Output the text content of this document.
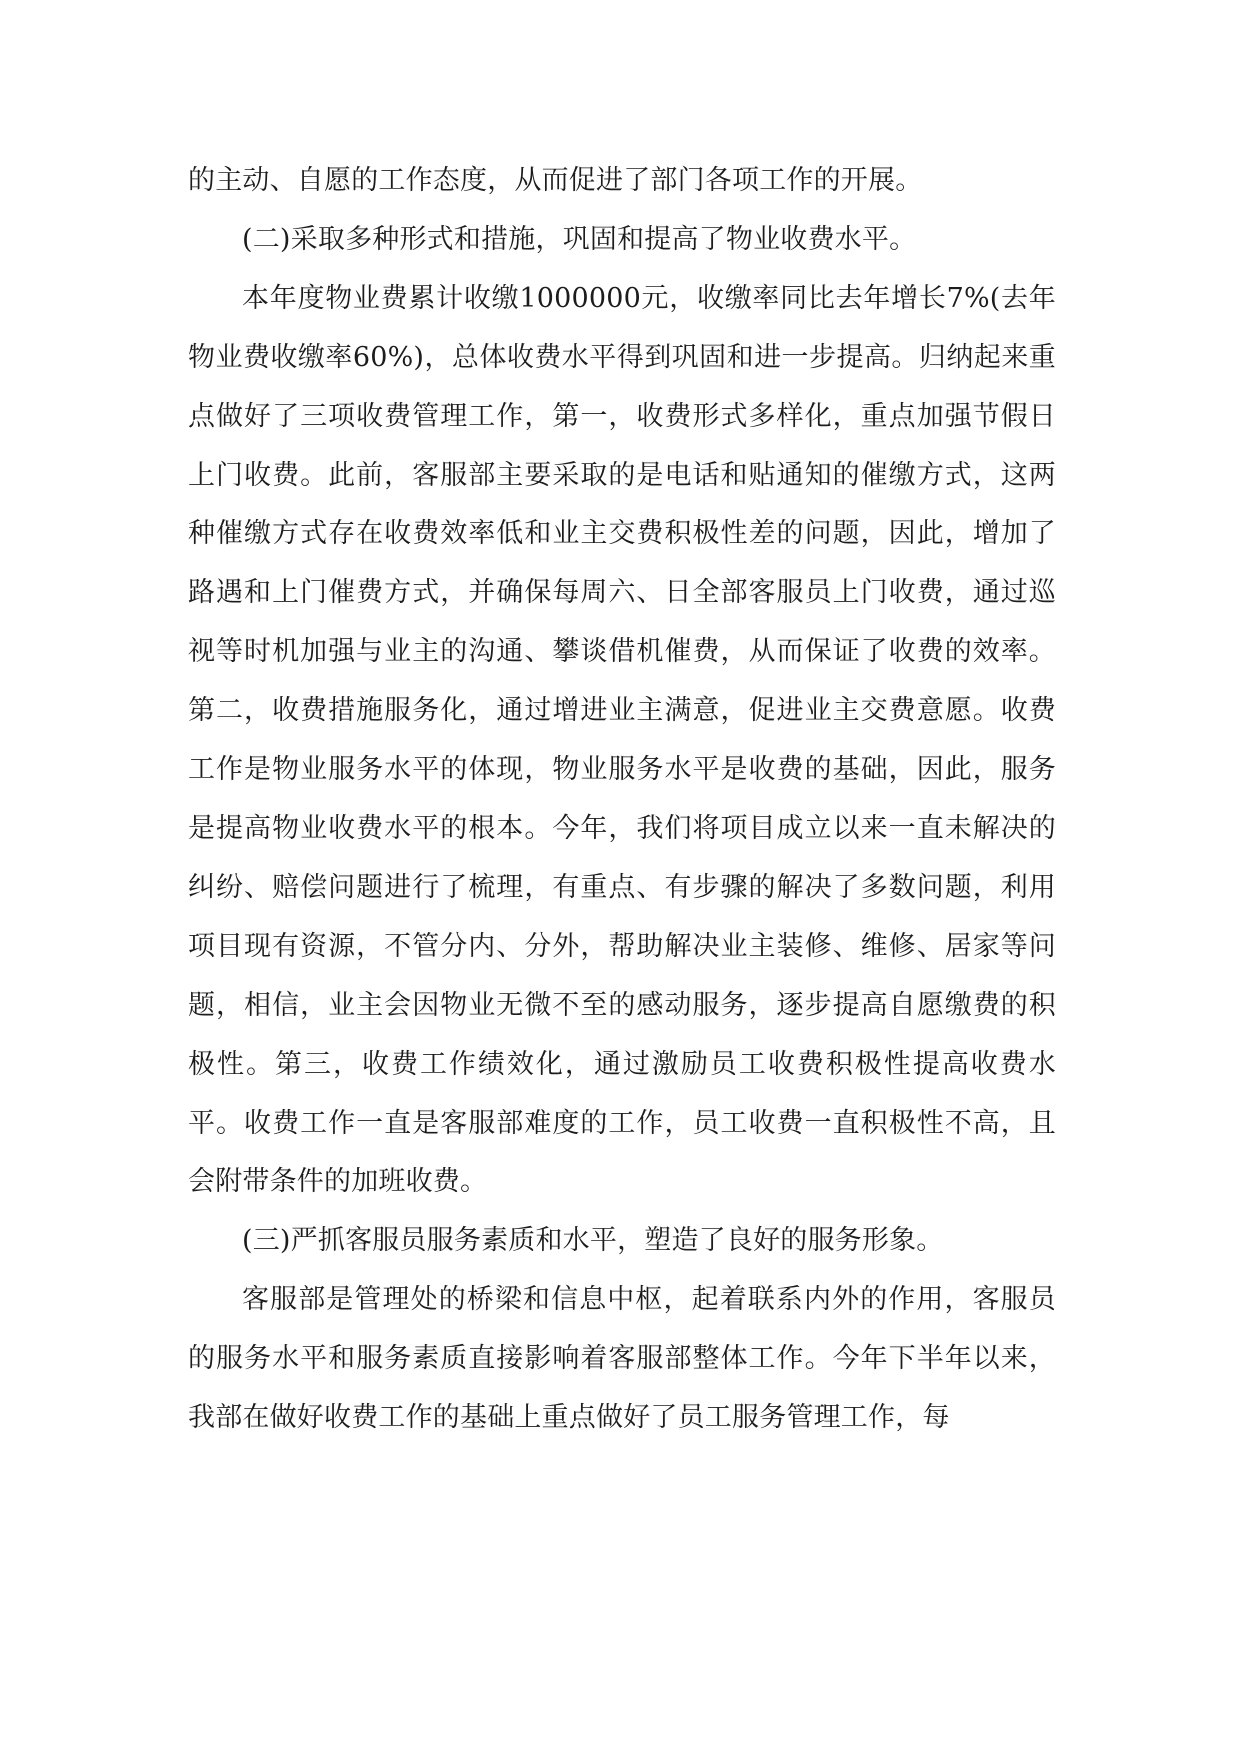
的主动、自愿的工作态度，从而促进了部门各项工作的开展。

(二)采取多种形式和措施，巩固和提高了物业收费水平。

本年度物业费累计收缴1000000元，收缴率同比去年增长7%(去年物业费收缴率60%)，总体收费水平得到巩固和进一步提高。归纳起来重点做好了三项收费管理工作，第一，收费形式多样化，重点加强节假日上门收费。此前，客服部主要采取的是电话和贴通知的催缴方式，这两种催缴方式存在收费效率低和业主交费积极性差的问题，因此，增加了路遇和上门催费方式，并确保每周六、日全部客服员上门收费，通过巡视等时机加强与业主的沟通、攀谈借机催费，从而保证了收费的效率。第二，收费措施服务化，通过增进业主满意，促进业主交费意愿。收费工作是物业服务水平的体现，物业服务水平是收费的基础，因此，服务是提高物业收费水平的根本。今年，我们将项目成立以来一直未解决的纠纷、赔偿问题进行了梳理，有重点、有步骤的解决了多数问题，利用项目现有资源，不管分内、分外，帮助解决业主装修、维修、居家等问题，相信，业主会因物业无微不至的感动服务，逐步提高自愿缴费的积极性。第三，收费工作绩效化，通过激励员工收费积极性提高收费水平。收费工作一直是客服部难度的工作，员工收费一直积极性不高，且会附带条件的加班收费。

(三)严抓客服员服务素质和水平，塑造了良好的服务形象。

客服部是管理处的桥梁和信息中枢，起着联系内外的作用，客服员的服务水平和服务素质直接影响着客服部整体工作。今年下半年以来，我部在做好收费工作的基础上重点做好了员工服务管理工作，每
